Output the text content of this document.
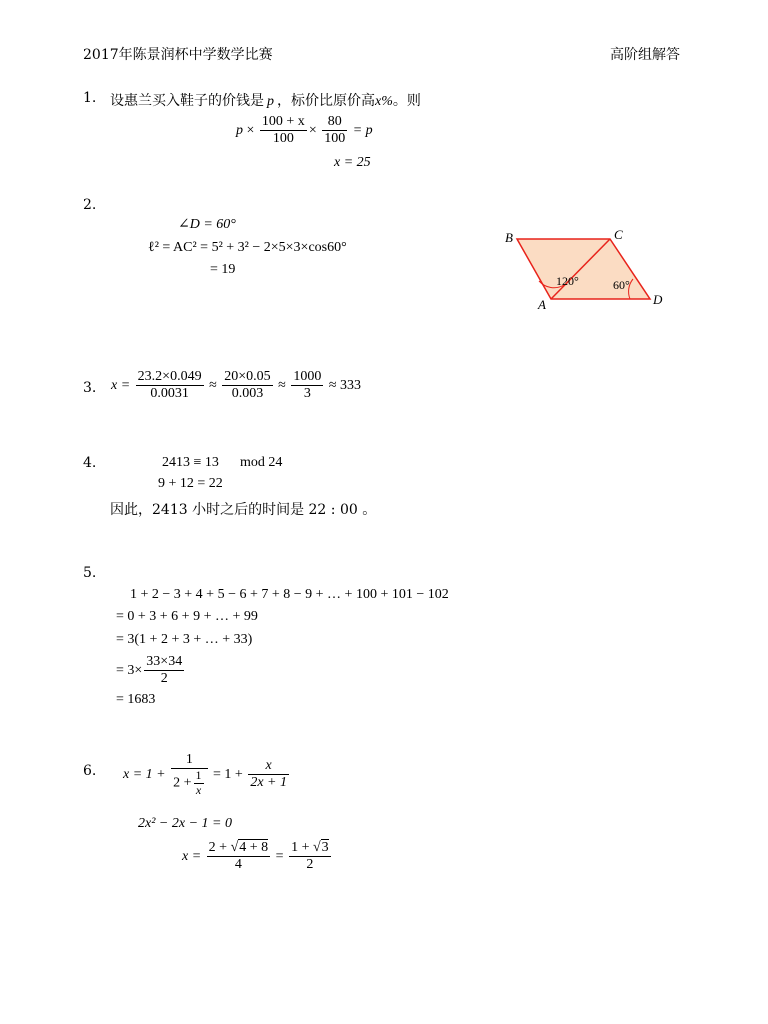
2017年陈景润杯中学数学比赛	高阶组解答
1. 设惠兰买入鞋子的价钱是 p ，标价比原价高x%。则
$p \times \frac{100 + x}{100} \times \frac{80}{100} = p$
x = 25
2.
∠D = 60°
ℓ² = AC² = 5² + 3² − 2×5×3×cos60°
= 19
B	C
A	D
120°	60°
3. $x = \frac{23.2\times 0.049}{0.0031} \approx \frac{20\times 0.05}{0.003} \approx \frac{1000}{3} \approx 333$
4.	2413 ≡ 13 mod 24
9 + 12 = 22
因此，2413 小时之后的时间是 22 : 00 。
5.
1 + 2 − 3 + 4 + 5 − 6 + 7 + 8 − 9 + … + 100 + 101 − 102
= 0 + 3 + 6 + 9 + … + 99
= 3(1 + 2 + 3 + … + 33)
= $3\times \frac{33\times 34}{2}$
= 1683
6. $x = 1 + \frac{1}{2 + \frac{1}{x}} = 1 + \frac{x}{2x + 1}$
2x² − 2x − 1 = 0
$x = \frac{2 + √4 + 8}{4} = \frac{1 + √3}{2}$
